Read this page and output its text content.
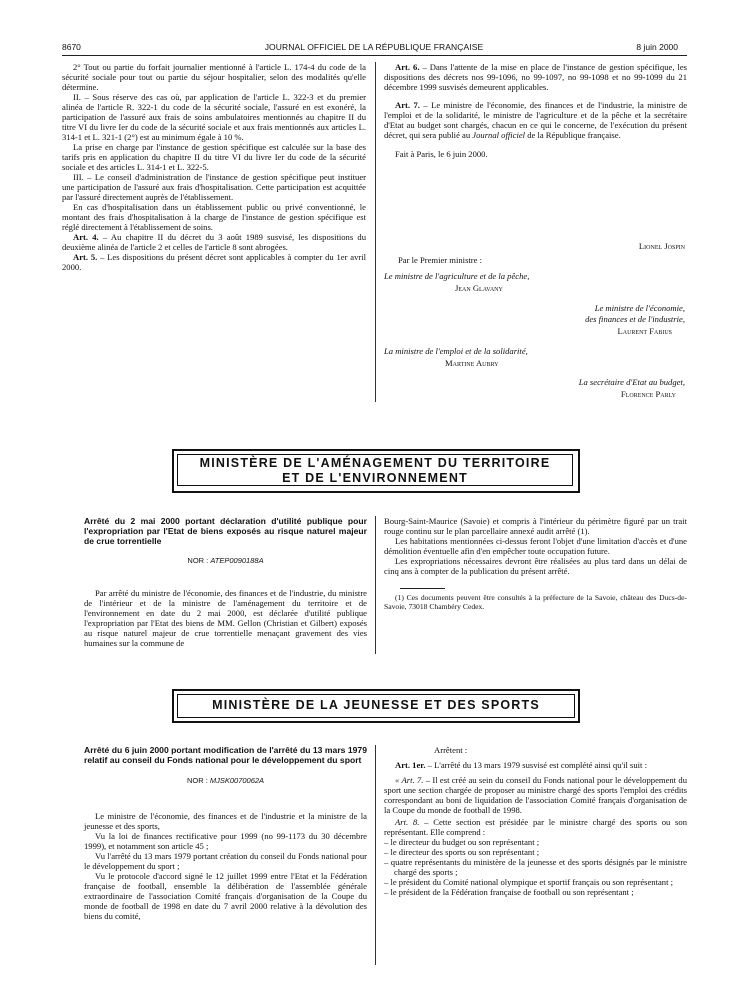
8670	JOURNAL OFFICIEL DE LA RÉPUBLIQUE FRANÇAISE	8 juin 2000

2° Tout ou partie du forfait journalier mentionné à l'article L. 174-4 du code de la sécurité sociale pour tout ou partie du séjour hospitalier, selon des modalités qu'elle détermine.

II. – Sous réserve des cas où, par application de l'article L. 322-3 et du premier alinéa de l'article R. 322-1 du code de la sécurité sociale, l'assuré en est exonéré, la participation de l'assuré aux frais de soins ambulatoires mentionnés au chapitre II du titre VI du livre Ier du code de la sécurité sociale et aux frais mentionnés aux articles L. 314-1 et L. 321-1 (2°) est au minimum égale à 10 %.

La prise en charge par l'instance de gestion spécifique est calculée sur la base des tarifs pris en application du chapitre II du titre VI du livre Ier du code de la sécurité sociale et des articles L. 314-1 et L. 322-5.

III. – Le conseil d'administration de l'instance de gestion spécifique peut instituer une participation de l'assuré aux frais d'hospitalisation. Cette participation est acquittée par l'assuré directement auprès de l'établissement.

En cas d'hospitalisation dans un établissement public ou privé conventionné, le montant des frais d'hospitalisation à la charge de l'instance de gestion spécifique est réglé directement à l'établissement de soins.

Art. 4. – Au chapitre II du décret du 3 août 1989 susvisé, les dispositions du deuxième alinéa de l'article 2 et celles de l'article 8 sont abrogées.

Art. 5. – Les dispositions du présent décret sont applicables à compter du 1er avril 2000.

Art. 6. – Dans l'attente de la mise en place de l'instance de gestion spécifique, les dispositions des décrets nos 99-1096, no 99-1097, no 99-1098 et no 99-1099 du 21 décembre 1999 susvisés demeurent applicables.

Art. 7. – Le ministre de l'économie, des finances et de l'industrie, la ministre de l'emploi et de la solidarité, le ministre de l'agriculture et de la pêche et la secrétaire d'Etat au budget sont chargés, chacun en ce qui le concerne, de l'exécution du présent décret, qui sera publié au Journal officiel de la République française.

Fait à Paris, le 6 juin 2000.

Lionel Jospin
Par le Premier ministre :
Le ministre de l'agriculture et de la pêche,
Jean Glavany
Le ministre de l'économie,
des finances et de l'industrie,
Laurent Fabius
La ministre de l'emploi et de la solidarité,
Martine Aubry
La secrétaire d'Etat au budget,
Florence Parly
MINISTÈRE DE L'AMÉNAGEMENT DU TERRITOIRE
ET DE L'ENVIRONNEMENT

Arrêté du 2 mai 2000 portant déclaration d'utilité publique pour l'expropriation par l'Etat de biens exposés au risque naturel majeur de crue torrentielle

NOR : ATEP0090188A

Par arrêté du ministre de l'économie, des finances et de l'industrie, du ministre de l'intérieur et de la ministre de l'aménagement du territoire et de l'environnement en date du 2 mai 2000, est déclarée d'utilité publique l'expropriation par l'Etat des biens de MM. Gellon (Christian et Gilbert) exposés au risque naturel majeur de crue torrentielle menaçant gravement des vies humaines sur la commune de

Bourg-Saint-Maurice (Savoie) et compris à l'intérieur du périmètre figuré par un trait rouge continu sur le plan parcellaire annexé audit arrêté (1).

Les habitations mentionnées ci-dessus feront l'objet d'une limitation d'accès et d'une démolition éventuelle afin d'en empêcher toute occupation future.

Les expropriations nécessaires devront être réalisées au plus tard dans un délai de cinq ans à compter de la publication du présent arrêté.

(1) Ces documents peuvent être consultés à la préfecture de la Savoie, château des Ducs-de-Savoie, 73018 Chambéry Cedex.

MINISTÈRE DE LA JEUNESSE ET DES SPORTS

Arrêté du 6 juin 2000 portant modification de l'arrêté du 13 mars 1979 relatif au conseil du Fonds national pour le développement du sport

NOR : MJSK0070062A

Le ministre de l'économie, des finances et de l'industrie et la ministre de la jeunesse et des sports,

Vu la loi de finances rectificative pour 1999 (no 99-1173 du 30 décembre 1999), et notamment son article 45 ;

Vu l'arrêté du 13 mars 1979 portant création du conseil du Fonds national pour le développement du sport ;

Vu le protocole d'accord signé le 12 juillet 1999 entre l'Etat et la Fédération française de football, ensemble la délibération de l'assemblée générale extraordinaire de l'association Comité français d'organisation de la Coupe du monde de football de 1998 en date du 7 avril 2000 relative à la dévolution des biens du comité,

Arrêtent :

Art. 1er. – L'arrêté du 13 mars 1979 susvisé est complété ainsi qu'il suit :

« Art. 7. – Il est créé au sein du conseil du Fonds national pour le développement du sport une section chargée de proposer au ministre chargé des sports l'emploi des crédits correspondant au boni de liquidation de l'association Comité français d'organisation de la Coupe du monde de football de 1998.

Art. 8. – Cette section est présidée par le ministre chargé des sports ou son représentant. Elle comprend :

– le directeur du budget ou son représentant ;

– le directeur des sports ou son représentant ;

– quatre représentants du ministère de la jeunesse et des sports désignés par le ministre chargé des sports ;

– le président du Comité national olympique et sportif français ou son représentant ;

– le président de la Fédération française de football ou son représentant ;
